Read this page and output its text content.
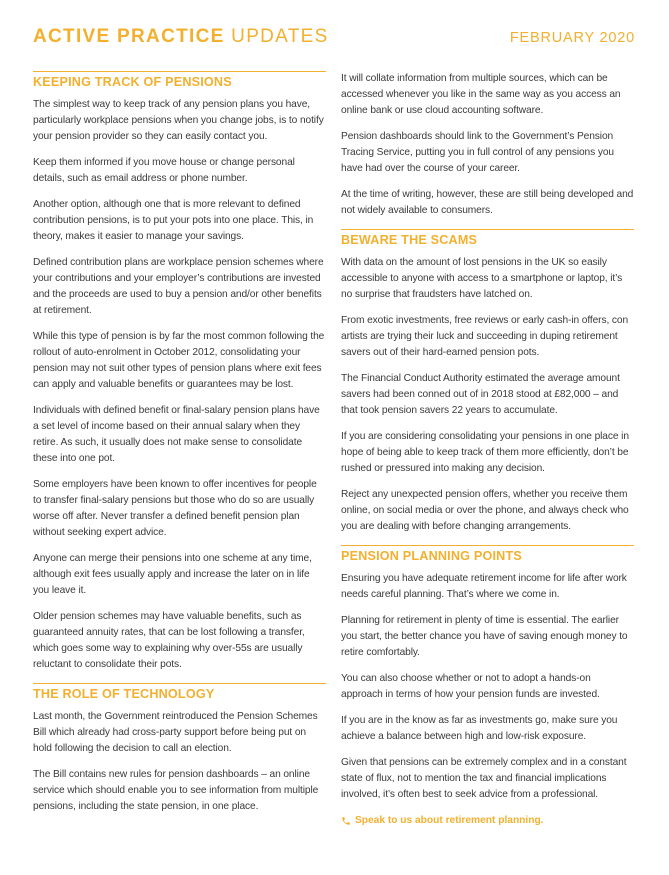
ACTIVE PRACTICE UPDATES	FEBRUARY 2020
KEEPING TRACK OF PENSIONS

The simplest way to keep track of any pension plans you have, particularly workplace pensions when you change jobs, is to notify your pension provider so they can easily contact you.

Keep them informed if you move house or change personal details, such as email address or phone number.

Another option, although one that is more relevant to defined contribution pensions, is to put your pots into one place. This, in theory, makes it easier to manage your savings.

Defined contribution plans are workplace pension schemes where your contributions and your employer’s contributions are invested and the proceeds are used to buy a pension and/or other benefits at retirement.

While this type of pension is by far the most common following the rollout of auto-enrolment in October 2012, consolidating your pension may not suit other types of pension plans where exit fees can apply and valuable benefits or guarantees may be lost.

Individuals with defined benefit or final-salary pension plans have a set level of income based on their annual salary when they retire. As such, it usually does not make sense to consolidate these into one pot.

Some employers have been known to offer incentives for people to transfer final-salary pensions but those who do so are usually worse off after. Never transfer a defined benefit pension plan without seeking expert advice.

Anyone can merge their pensions into one scheme at any time, although exit fees usually apply and increase the later on in life you leave it.

Older pension schemes may have valuable benefits, such as guaranteed annuity rates, that can be lost following a transfer, which goes some way to explaining why over-55s are usually reluctant to consolidate their pots.

THE ROLE OF TECHNOLOGY

Last month, the Government reintroduced the Pension Schemes Bill which already had cross-party support before being put on hold following the decision to call an election.

The Bill contains new rules for pension dashboards – an online service which should enable you to see information from multiple pensions, including the state pension, in one place.

It will collate information from multiple sources, which can be accessed whenever you like in the same way as you access an online bank or use cloud accounting software.

Pension dashboards should link to the Government’s Pension Tracing Service, putting you in full control of any pensions you have had over the course of your career.

At the time of writing, however, these are still being developed and not widely available to consumers.

BEWARE THE SCAMS

With data on the amount of lost pensions in the UK so easily accessible to anyone with access to a smartphone or laptop, it’s no surprise that fraudsters have latched on.

From exotic investments, free reviews or early cash-in offers, con artists are trying their luck and succeeding in duping retirement savers out of their hard-earned pension pots.

The Financial Conduct Authority estimated the average amount savers had been conned out of in 2018 stood at £82,000 – and that took pension savers 22 years to accumulate.

If you are considering consolidating your pensions in one place in hope of being able to keep track of them more efficiently, don’t be rushed or pressured into making any decision.

Reject any unexpected pension offers, whether you receive them online, on social media or over the phone, and always check who you are dealing with before changing arrangements.

PENSION PLANNING POINTS

Ensuring you have adequate retirement income for life after work needs careful planning. That’s where we come in.

Planning for retirement in plenty of time is essential. The earlier you start, the better chance you have of saving enough money to retire comfortably.

You can also choose whether or not to adopt a hands-on approach in terms of how your pension funds are invested.

If you are in the know as far as investments go, make sure you achieve a balance between high and low-risk exposure.

Given that pensions can be extremely complex and in a constant state of flux, not to mention the tax and financial implications involved, it’s often best to seek advice from a professional.

Speak to us about retirement planning.
